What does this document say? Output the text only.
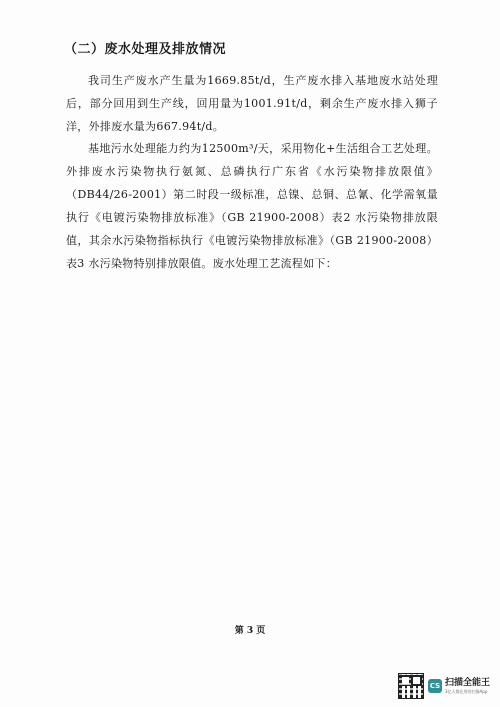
（二）废水处理及排放情况

我司生产废水产生量为1669.85t/d，生产废水排入基地废水站处理后，部分回用到生产线，回用量为1001.91t/d，剩余生产废水排入狮子洋，外排废水量为667.94t/d。

基地污水处理能力约为12500m³/天，采用物化+生活组合工艺处理。外排废水污染物执行氨氮、总磷执行广东省《水污染物排放限值》（DB44/26-2001）第二时段一级标准，总镍、总铜、总氰、化学需氧量执行《电镀污染物排放标准》（GB 21900-2008）表2 水污染物排放限值，其余水污染物指标执行《电镀污染物排放标准》（GB 21900-2008）表3 水污染物特别排放限值。废水处理工艺流程如下：

第 3 页
CS 扫描全能王
3亿人都在用的扫描App
